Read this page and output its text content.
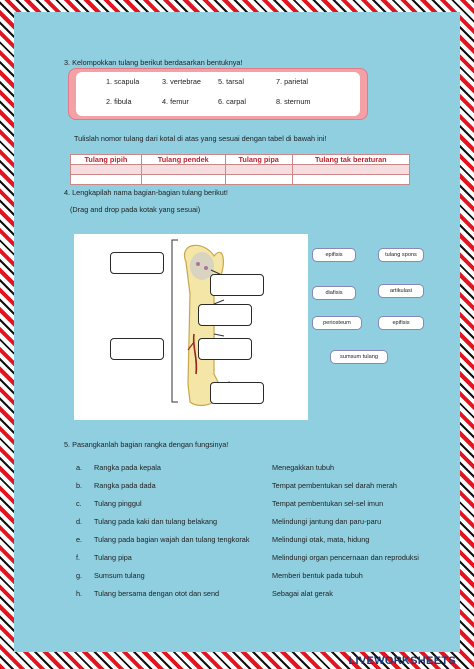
3. Kelompokkan tulang berikut berdasarkan bentuknya!
1. scapula	3. vertebrae 5. tarsal	7. parietal
2. fibula	4. femur	6. carpal	8. sternum
Tulislah nomor tulang dari kotal di atas yang sesuai dengan tabel di bawah ini!
Tulang pipih	Tulang pendek	Tulang pipa	Tulang tak beraturan

4. Lengkapilah nama bagian-bagian tulang berikut!
(Drag and drop pada kotak yang sesuai)
epifisis	tulang spons
diafisis	artikulasi
periosteum	epifisis
sumsum tulang
5. Pasangkanlah bagian rangka dengan fungsinya!
a. Rangka pada kepala	Menegakkan tubuh
b. Rangka pada dada	Tempat pembentukan sel darah merah
c. Tulang pinggul	Tempat pembentukan sel-sel imun
d. Tulang pada kaki dan tulang belakang	Melindungi jantung dan paru-paru
e. Tulang pada bagian wajah dan tulang tengkorak	Melindungi otak, mata, hidung
f. Tulang pipa	Melindungi organ pencernaan dan reproduksi
g. Sumsum tulang	Memberi bentuk pada tubuh
h. Tulang bersama dengan otot dan send	Sebagai alat gerak
LIVEWORKSHEETS
